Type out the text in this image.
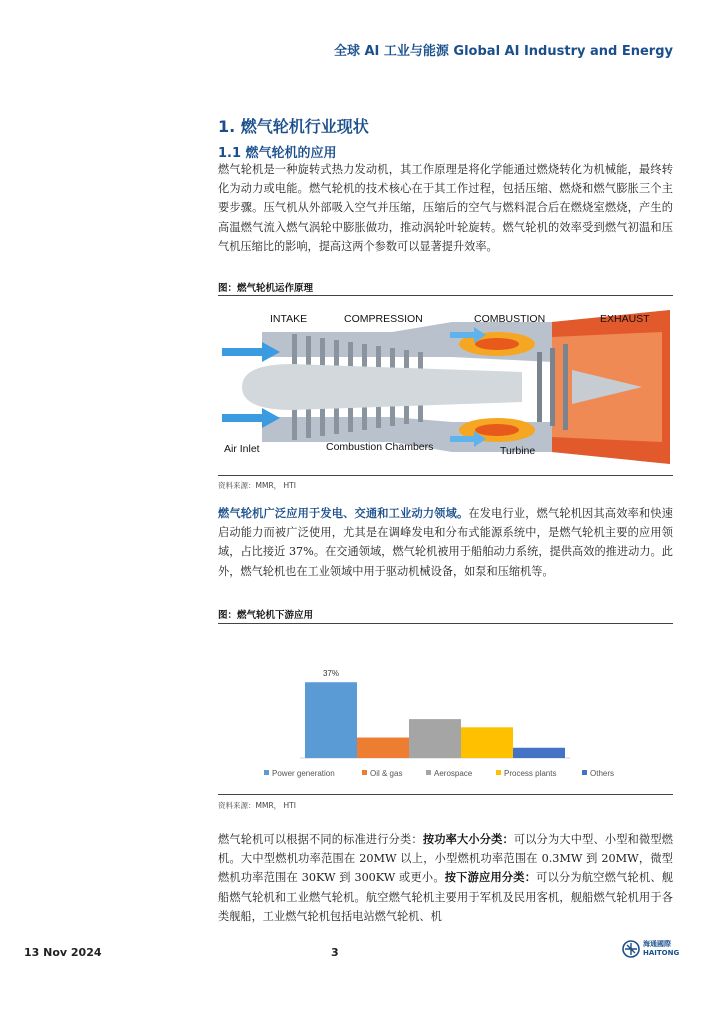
全球 AI 工业与能源 Global AI Industry and Energy
1. 燃气轮机行业现状
1.1 燃气轮机的应用
燃气轮机是一种旋转式热力发动机，其工作原理是将化学能通过燃烧转化为机械能，最终转化为动力或电能。燃气轮机的技术核心在于其工作过程，包括压缩、燃烧和燃气膨胀三个主要步骤。压气机从外部吸入空气并压缩，压缩后的空气与燃料混合后在燃烧室燃烧，产生的高温燃气流入燃气涡轮中膨胀做功，推动涡轮叶轮旋转。燃气轮机的效率受到燃气初温和压气机压缩比的影响，提高这两个参数可以显著提升效率。
图：燃气轮机运作原理
INTAKE	COMPRESSION	COMBUSTION	EXHAUST
Air Inlet	Combustion Chambers	Turbine
资料来源：MMR， HTI
燃气轮机广泛应用于发电、交通和工业动力领域。在发电行业，燃气轮机因其高效率和快速启动能力而被广泛使用，尤其是在调峰发电和分布式能源系统中，是燃气轮机主要的应用领域，占比接近 37%。在交通领域，燃气轮机被用于船舶动力系统，提供高效的推进动力。此外，燃气轮机也在工业领域中用于驱动机械设备，如泵和压缩机等。
图：燃气轮机下游应用
37%
Power generation	Oil & gas	Aerospace	Process plants	Others
资料来源：MMR， HTI
燃气轮机可以根据不同的标准进行分类：按功率大小分类：可以分为大中型、小型和微型燃机。大中型燃机功率范围在 20MW 以上，小型燃机功率范围在 0.3MW 到 20MW，微型燃机功率范围在 30KW 到 300KW 或更小。按下游应用分类：可以分为航空燃气轮机、舰船燃气轮机和工业燃气轮机。航空燃气轮机主要用于军机及民用客机，舰船燃气轮机用于各类舰船，工业燃气轮机包括电站燃气轮机、机
13 Nov 2024	3
海通國際
HAITONG
